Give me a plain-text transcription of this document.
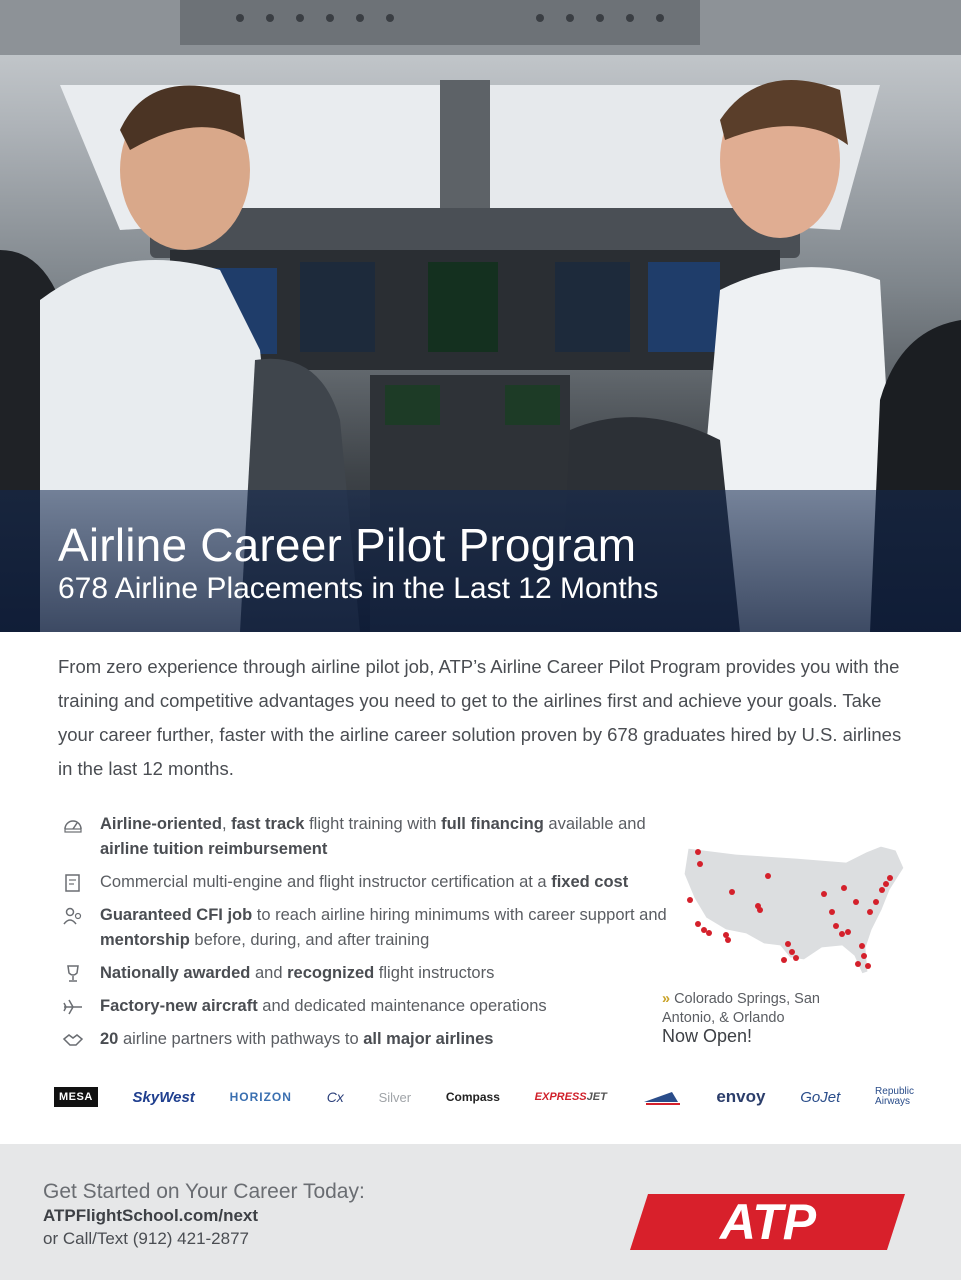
Airline Career Pilot Program
678 Airline Placements in the Last 12 Months

From zero experience through airline pilot job, ATP’s Airline Career Pilot Program provides you with the training and competitive advantages you need to get to the airlines first and achieve your goals. Take your career further, faster with the airline career solution proven by 678 graduates hired by U.S. airlines in the last 12 months.

Airline-oriented, fast track flight training with full financing available and airline tuition reimbursement
Commercial multi-engine and flight instructor certification at a fixed cost
Guaranteed CFI job to reach airline hiring minimums with career support and mentorship before, during, and after training
Nationally awarded and recognized flight instructors
Factory-new aircraft and dedicated maintenance operations
20 airline partners with pathways to all major airlines
» Colorado Springs, San Antonio, & Orlando
Now Open!
MESA	SkyWest	HORIZON Cx	Silver	Compass	EXPRESSJET	envoy GoJet	Republic
Airways
Get Started on Your Career Today:
ATPFlightSchool.com/next
or Call/Text (912) 421-2877	ATP
